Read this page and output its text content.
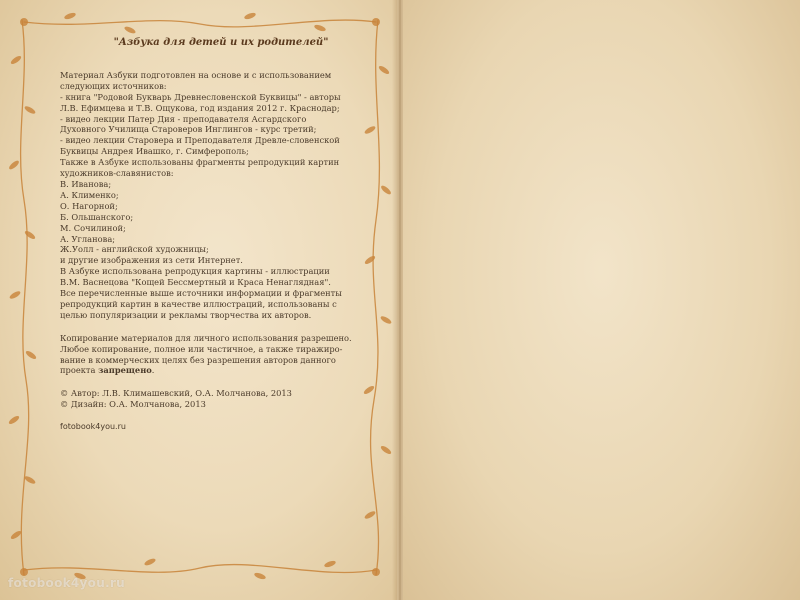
"Азбука для детей и их родителей"
Материал Азбуки подготовлен на основе и с использованием
следующих источников:
- книга "Родовой Букварь Древнесловенской Буквицы" - авторы
Л.В. Ефимцева и Т.В. Ощукова, год издания 2012 г. Краснодар;
- видео лекции Патер Дия - преподавателя Асгардского
Духовного Училища Староверов Инглингов - курс третий;
- видео лекции Старовера и Преподавателя Древле-словенской
Буквицы Андрея Ивашко, г. Симферополь;
Также в Азбуке использованы фрагменты репродукций картин
художников-славянистов:
В. Иванова;
А. Клименко;
О. Нагорной;
Б. Ольшанского;
М. Сочилиной;
А. Угланова;
Ж.Уолл - английской художницы;
и другие изображения из сети Интернет.
В Азбуке использована репродукция картины - иллюстрации
В.М. Васнецова "Кощей Бессмертный и Краса Ненаглядная".
Все перечисленные выше источники информации и фрагменты
репродукций картин в качестве иллюстраций, использованы с
целью популяризации и рекламы творчества их авторов.
Копирование материалов для личного использования разрешено.
Любое копирование, полное или частичное, а также тиражиро-
вание в коммерческих целях без разрешения авторов данного
проекта запрещено.
© Автор: Л.В. Климашевский, О.А. Молчанова, 2013
© Дизайн: О.А. Молчанова, 2013
fotobook4you.ru
fotobook4you.ru
